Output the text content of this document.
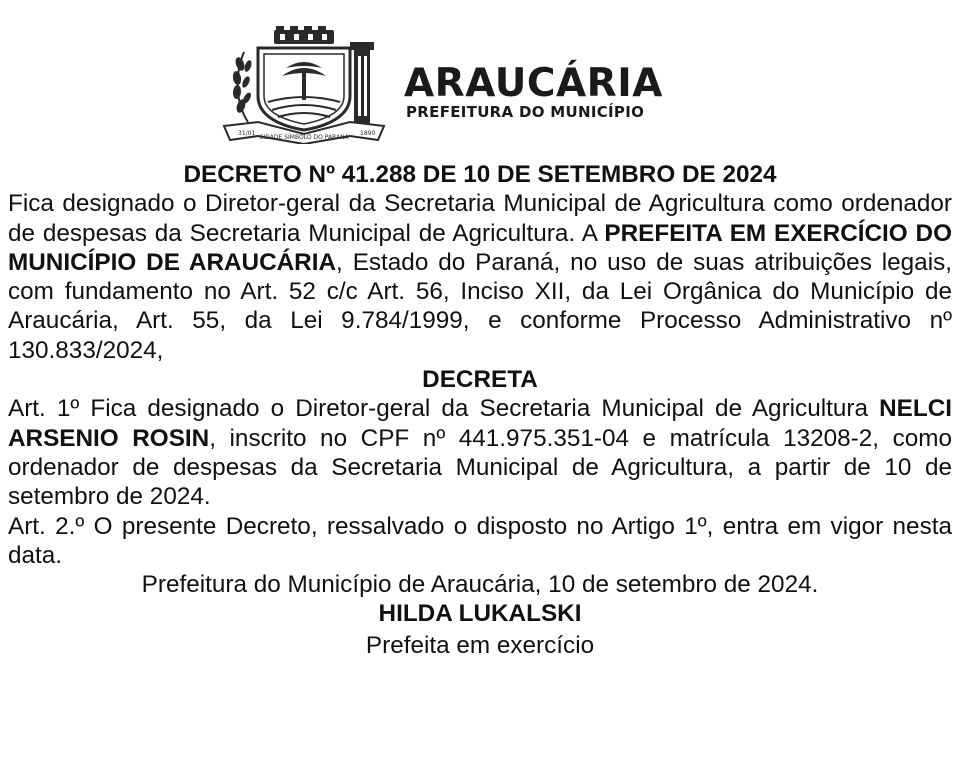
31/01
CIDADE SÍMBOLO DO PARANÁ
1890
ARAUCÁRIA
PREFEITURA DO MUNICÍPIO

DECRETO Nº 41.288 DE 10 DE SETEMBRO DE 2024

Fica designado o Diretor-geral da Secretaria Municipal de Agricultura como ordenador de despesas da Secretaria Municipal de Agricultura. A PREFEITA EM EXERCÍCIO DO MUNICÍPIO DE ARAUCÁRIA, Estado do Paraná, no uso de suas atribuições legais, com fundamento no Art. 52 c/c Art. 56, Inciso XII, da Lei Orgânica do Município de Araucária, Art. 55, da Lei 9.784/1999, e conforme Processo Administrativo nº 130.833/2024,

DECRETA

Art. 1º Fica designado o Diretor-geral da Secretaria Municipal de Agricultura NELCI ARSENIO ROSIN, inscrito no CPF nº 441.975.351-04 e matrícula 13208-2, como ordenador de despesas da Secretaria Municipal de Agricultura, a partir de 10 de setembro de 2024.

Art. 2.º O presente Decreto, ressalvado o disposto no Artigo 1º, entra em vigor nesta data.

Prefeitura do Município de Araucária, 10 de setembro de 2024.

HILDA LUKALSKI

Prefeita em exercício
